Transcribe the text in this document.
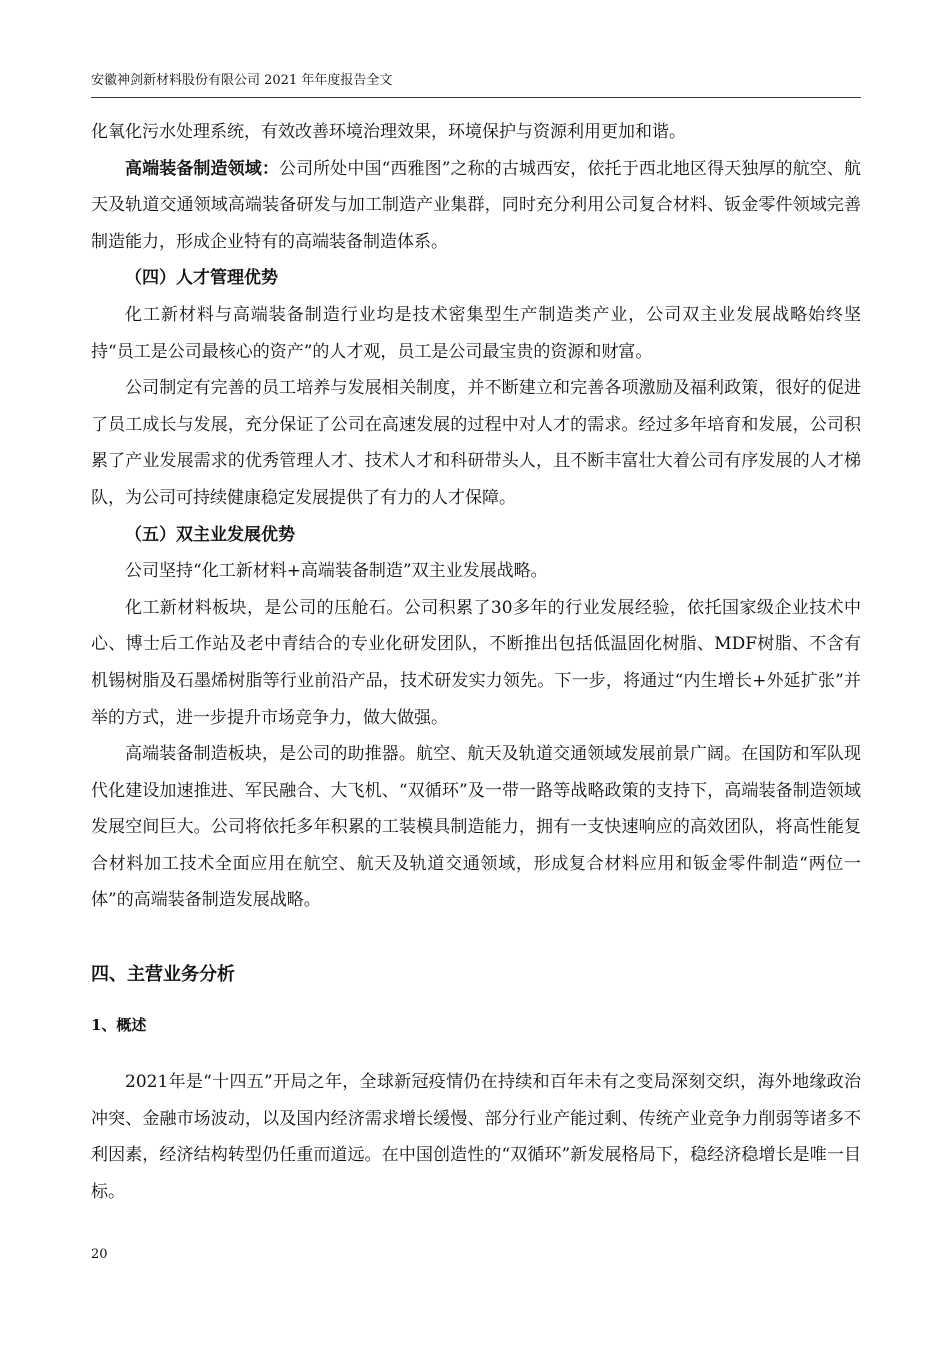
安徽神剑新材料股份有限公司 2021 年年度报告全文

化氧化污水处理系统，有效改善环境治理效果，环境保护与资源利用更加和谐。

高端装备制造领域：公司所处中国“西雅图”之称的古城西安，依托于西北地区得天独厚的航空、航天及轨道交通领域高端装备研发与加工制造产业集群，同时充分利用公司复合材料、钣金零件领域完善制造能力，形成企业特有的高端装备制造体系。

（四）人才管理优势

化工新材料与高端装备制造行业均是技术密集型生产制造类产业，公司双主业发展战略始终坚持“员工是公司最核心的资产”的人才观，员工是公司最宝贵的资源和财富。

公司制定有完善的员工培养与发展相关制度，并不断建立和完善各项激励及福利政策，很好的促进了员工成长与发展，充分保证了公司在高速发展的过程中对人才的需求。经过多年培育和发展，公司积累了产业发展需求的优秀管理人才、技术人才和科研带头人，且不断丰富壮大着公司有序发展的人才梯队，为公司可持续健康稳定发展提供了有力的人才保障。

（五）双主业发展优势

公司坚持“化工新材料+高端装备制造”双主业发展战略。

化工新材料板块，是公司的压舱石。公司积累了30多年的行业发展经验，依托国家级企业技术中心、博士后工作站及老中青结合的专业化研发团队，不断推出包括低温固化树脂、MDF树脂、不含有机锡树脂及石墨烯树脂等行业前沿产品，技术研发实力领先。下一步，将通过“内生增长+外延扩张”并举的方式，进一步提升市场竞争力，做大做强。

高端装备制造板块，是公司的助推器。航空、航天及轨道交通领域发展前景广阔。在国防和军队现代化建设加速推进、军民融合、大飞机、“双循环”及一带一路等战略政策的支持下，高端装备制造领域发展空间巨大。公司将依托多年积累的工装模具制造能力，拥有一支快速响应的高效团队，将高性能复合材料加工技术全面应用在航空、航天及轨道交通领域，形成复合材料应用和钣金零件制造“两位一体”的高端装备制造发展战略。

四、主营业务分析
1、概述

2021年是“十四五”开局之年，全球新冠疫情仍在持续和百年未有之变局深刻交织，海外地缘政治冲突、金融市场波动，以及国内经济需求增长缓慢、部分行业产能过剩、传统产业竞争力削弱等诸多不利因素，经济结构转型仍任重而道远。在中国创造性的“双循环”新发展格局下，稳经济稳增长是唯一目标。

20
